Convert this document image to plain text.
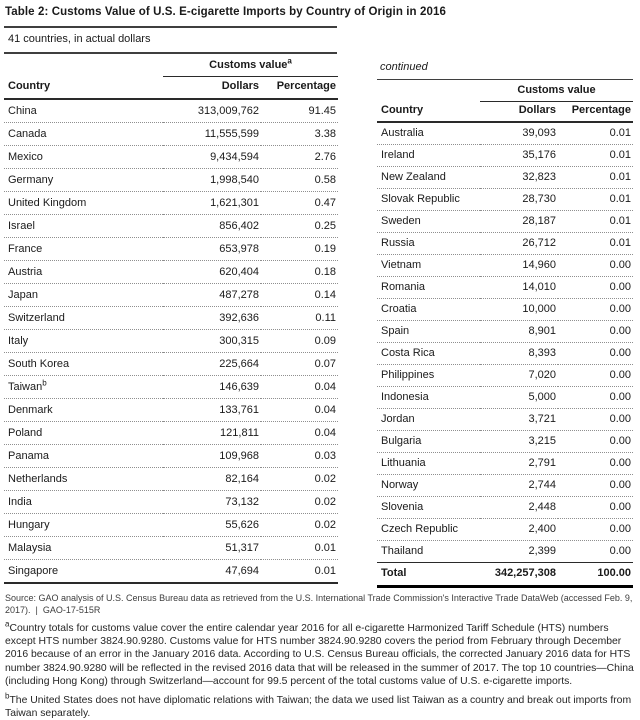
Table 2: Customs Value of U.S. E-cigarette Imports by Country of Origin in 2016
41 countries, in actual dollars
	Customs value$^a$
Country	Dollars	Percentage
China	313,009,762	91.45
Canada	11,555,599	3.38
Mexico	9,434,594	2.76
Germany	1,998,540	0.58
United Kingdom	1,621,301	0.47
Israel	856,402	0.25
France	653,978	0.19
Austria	620,404	0.18
Japan	487,278	0.14
Switzerland	392,636	0.11
Italy	300,315	0.09
South Korea	225,664	0.07
Taiwan$^b$	146,639	0.04
Denmark	133,761	0.04
Poland	121,811	0.04
Panama	109,968	0.03
Netherlands	82,164	0.02
India	73,132	0.02
Hungary	55,626	0.02
Malaysia	51,317	0.01
Singapore	47,694	0.01
continued
	Customs value	
Country	Dollars	Percentage
Australia	39,093	0.01
Ireland	35,176	0.01
New Zealand	32,823	0.01
Slovak Republic	28,730	0.01
Sweden	28,187	0.01
Russia	26,712	0.01
Vietnam	14,960	0.00
Romania	14,010	0.00
Croatia	10,000	0.00
Spain	8,901	0.00
Costa Rica	8,393	0.00
Philippines	7,020	0.00
Indonesia	5,000	0.00
Jordan	3,721	0.00
Bulgaria	3,215	0.00
Lithuania	2,791	0.00
Norway	2,744	0.00
Slovenia	2,448	0.00
Czech Republic	2,400	0.00
Thailand	2,399	0.00
Total	342,257,308	100.00

Source: GAO analysis of U.S. Census Bureau data as retrieved from the U.S. International Trade Commission's Interactive Trade DataWeb (accessed Feb. 9, 2017).  |  GAO-17-515R

$^a$Country totals for customs value cover the entire calendar year 2016 for all e-cigarette Harmonized Tariff Schedule (HTS) numbers except HTS number 3824.90.9280. Customs value for HTS number 3824.90.9280 covers the period from February through December 2016 because of an error in the January 2016 data. According to U.S. Census Bureau officials, the corrected January 2016 data for HTS number 3824.90.9280 will be reflected in the revised 2016 data that will be released in the summer of 2017. The top 10 countries—China (including Hong Kong) through Switzerland—account for 99.5 percent of the total customs value of U.S. e-cigarette imports.

$^b$The United States does not have diplomatic relations with Taiwan; the data we used list Taiwan as a country and break out imports from Taiwan separately.
